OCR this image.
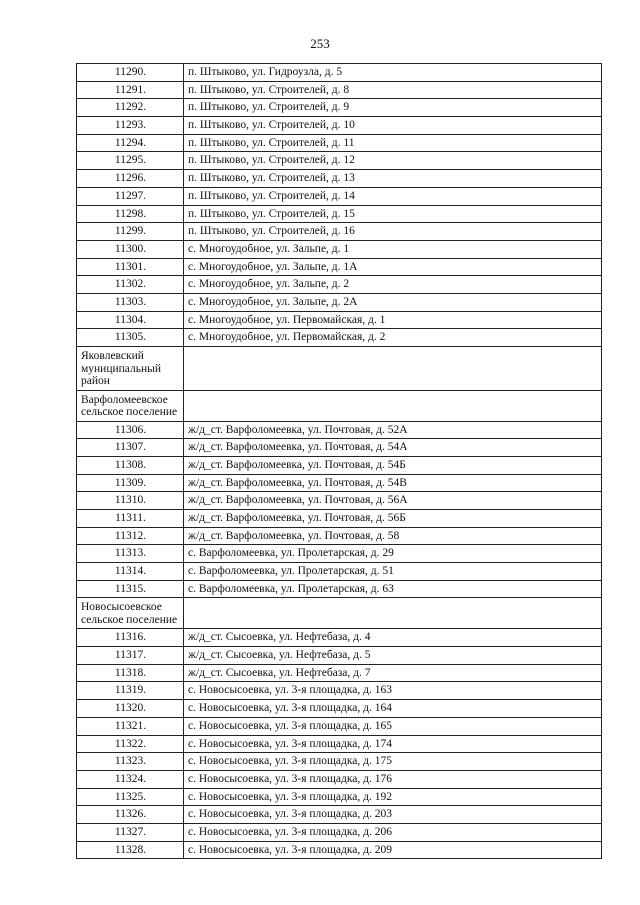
253
11290.	п. Штыково, ул. Гидроузла, д. 5
11291.	п. Штыково, ул. Строителей, д. 8
11292.	п. Штыково, ул. Строителей, д. 9
11293.	п. Штыково, ул. Строителей, д. 10
11294.	п. Штыково, ул. Строителей, д. 11
11295.	п. Штыково, ул. Строителей, д. 12
11296.	п. Штыково, ул. Строителей, д. 13
11297.	п. Штыково, ул. Строителей, д. 14
11298.	п. Штыково, ул. Строителей, д. 15
11299.	п. Штыково, ул. Строителей, д. 16
11300.	с. Многоудобное, ул. Зальпе, д. 1
11301.	с. Многоудобное, ул. Зальпе, д. 1А
11302.	с. Многоудобное, ул. Зальпе, д. 2
11303.	с. Многоудобное, ул. Зальпе, д. 2А
11304.	с. Многоудобное, ул. Первомайская, д. 1
11305.	с. Многоудобное, ул. Первомайская, д. 2
Яковлевский муниципальный район	
Варфоломеевское сельское поселение	
11306.	ж/д_ст. Варфоломеевка, ул. Почтовая, д. 52А
11307.	ж/д_ст. Варфоломеевка, ул. Почтовая, д. 54А
11308.	ж/д_ст. Варфоломеевка, ул. Почтовая, д. 54Б
11309.	ж/д_ст. Варфоломеевка, ул. Почтовая, д. 54В
11310.	ж/д_ст. Варфоломеевка, ул. Почтовая, д. 56А
11311.	ж/д_ст. Варфоломеевка, ул. Почтовая, д. 56Б
11312.	ж/д_ст. Варфоломеевка, ул. Почтовая, д. 58
11313.	с. Варфоломеевка, ул. Пролетарская, д. 29
11314.	с. Варфоломеевка, ул. Пролетарская, д. 51
11315.	с. Варфоломеевка, ул. Пролетарская, д. 63
Новосысоевское сельское поселение	
11316.	ж/д_ст. Сысоевка, ул. Нефтебаза, д. 4
11317.	ж/д_ст. Сысоевка, ул. Нефтебаза, д. 5
11318.	ж/д_ст. Сысоевка, ул. Нефтебаза, д. 7
11319.	с. Новосысоевка, ул. 3-я площадка, д. 163
11320.	с. Новосысоевка, ул. 3-я площадка, д. 164
11321.	с. Новосысоевка, ул. 3-я площадка, д. 165
11322.	с. Новосысоевка, ул. 3-я площадка, д. 174
11323.	с. Новосысоевка, ул. 3-я площадка, д. 175
11324.	с. Новосысоевка, ул. 3-я площадка, д. 176
11325.	с. Новосысоевка, ул. 3-я площадка, д. 192
11326.	с. Новосысоевка, ул. 3-я площадка, д. 203
11327.	с. Новосысоевка, ул. 3-я площадка, д. 206
11328.	с. Новосысоевка, ул. 3-я площадка, д. 209
